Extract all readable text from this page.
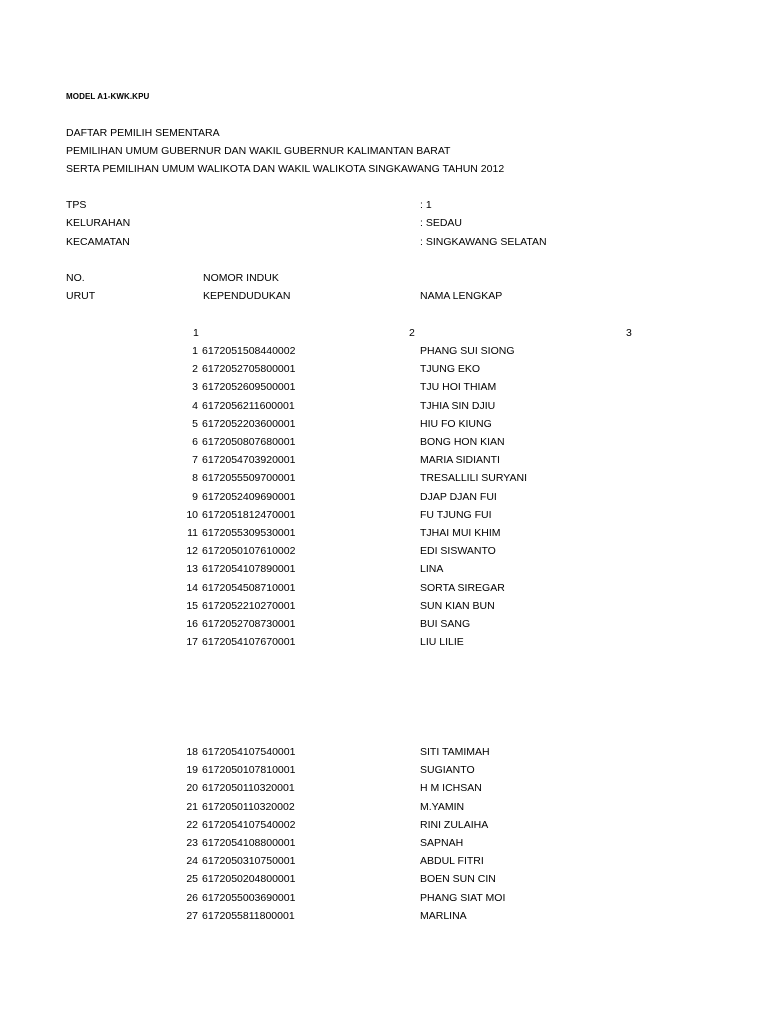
MODEL A1-KWK.KPU
DAFTAR PEMILIH SEMENTARA
PEMILIHAN UMUM GUBERNUR DAN WAKIL GUBERNUR KALIMANTAN BARAT
SERTA PEMILIHAN UMUM WALIKOTA DAN WAKIL WALIKOTA SINGKAWANG TAHUN 2012
TPS	: 1
KELURAHAN	: SEDAU
KECAMATAN	: SINGKAWANG SELATAN
NO.
URUT
NOMOR INDUK
KEPENDUDUKAN	NAMA LENGKAP
1	2	3
1 6172051508440002	PHANG SUI SIONG
2 6172052705800001	TJUNG EKO
3 6172052609500001	TJU HOI THIAM
4 6172056211600001	TJHIA SIN DJIU
5 6172052203600001	HIU FO KIUNG
6 6172050807680001	BONG HON KIAN
7 6172054703920001	MARIA SIDIANTI
8 6172055509700001	TRESALLILI SURYANI
9 6172052409690001	DJAP DJAN FUI
10 6172051812470001	FU TJUNG FUI
11 6172055309530001	TJHAI MUI KHIM
12 6172050107610002	EDI SISWANTO
13 6172054107890001	LINA
14 6172054508710001	SORTA SIREGAR
15 6172052210270001	SUN KIAN BUN
16 6172052708730001	BUI SANG
17 6172054107670001	LIU LILIE
18 6172054107540001	SITI TAMIMAH
19 6172050107810001	SUGIANTO
20 6172050110320001	H M ICHSAN
21 6172050110320002	M.YAMIN
22 6172054107540002	RINI ZULAIHA
23 6172054108800001	SAPNAH
24 6172050310750001	ABDUL FITRI
25 6172050204800001	BOEN SUN CIN
26 6172055003690001	PHANG SIAT MOI
27 6172055811800001	MARLINA
